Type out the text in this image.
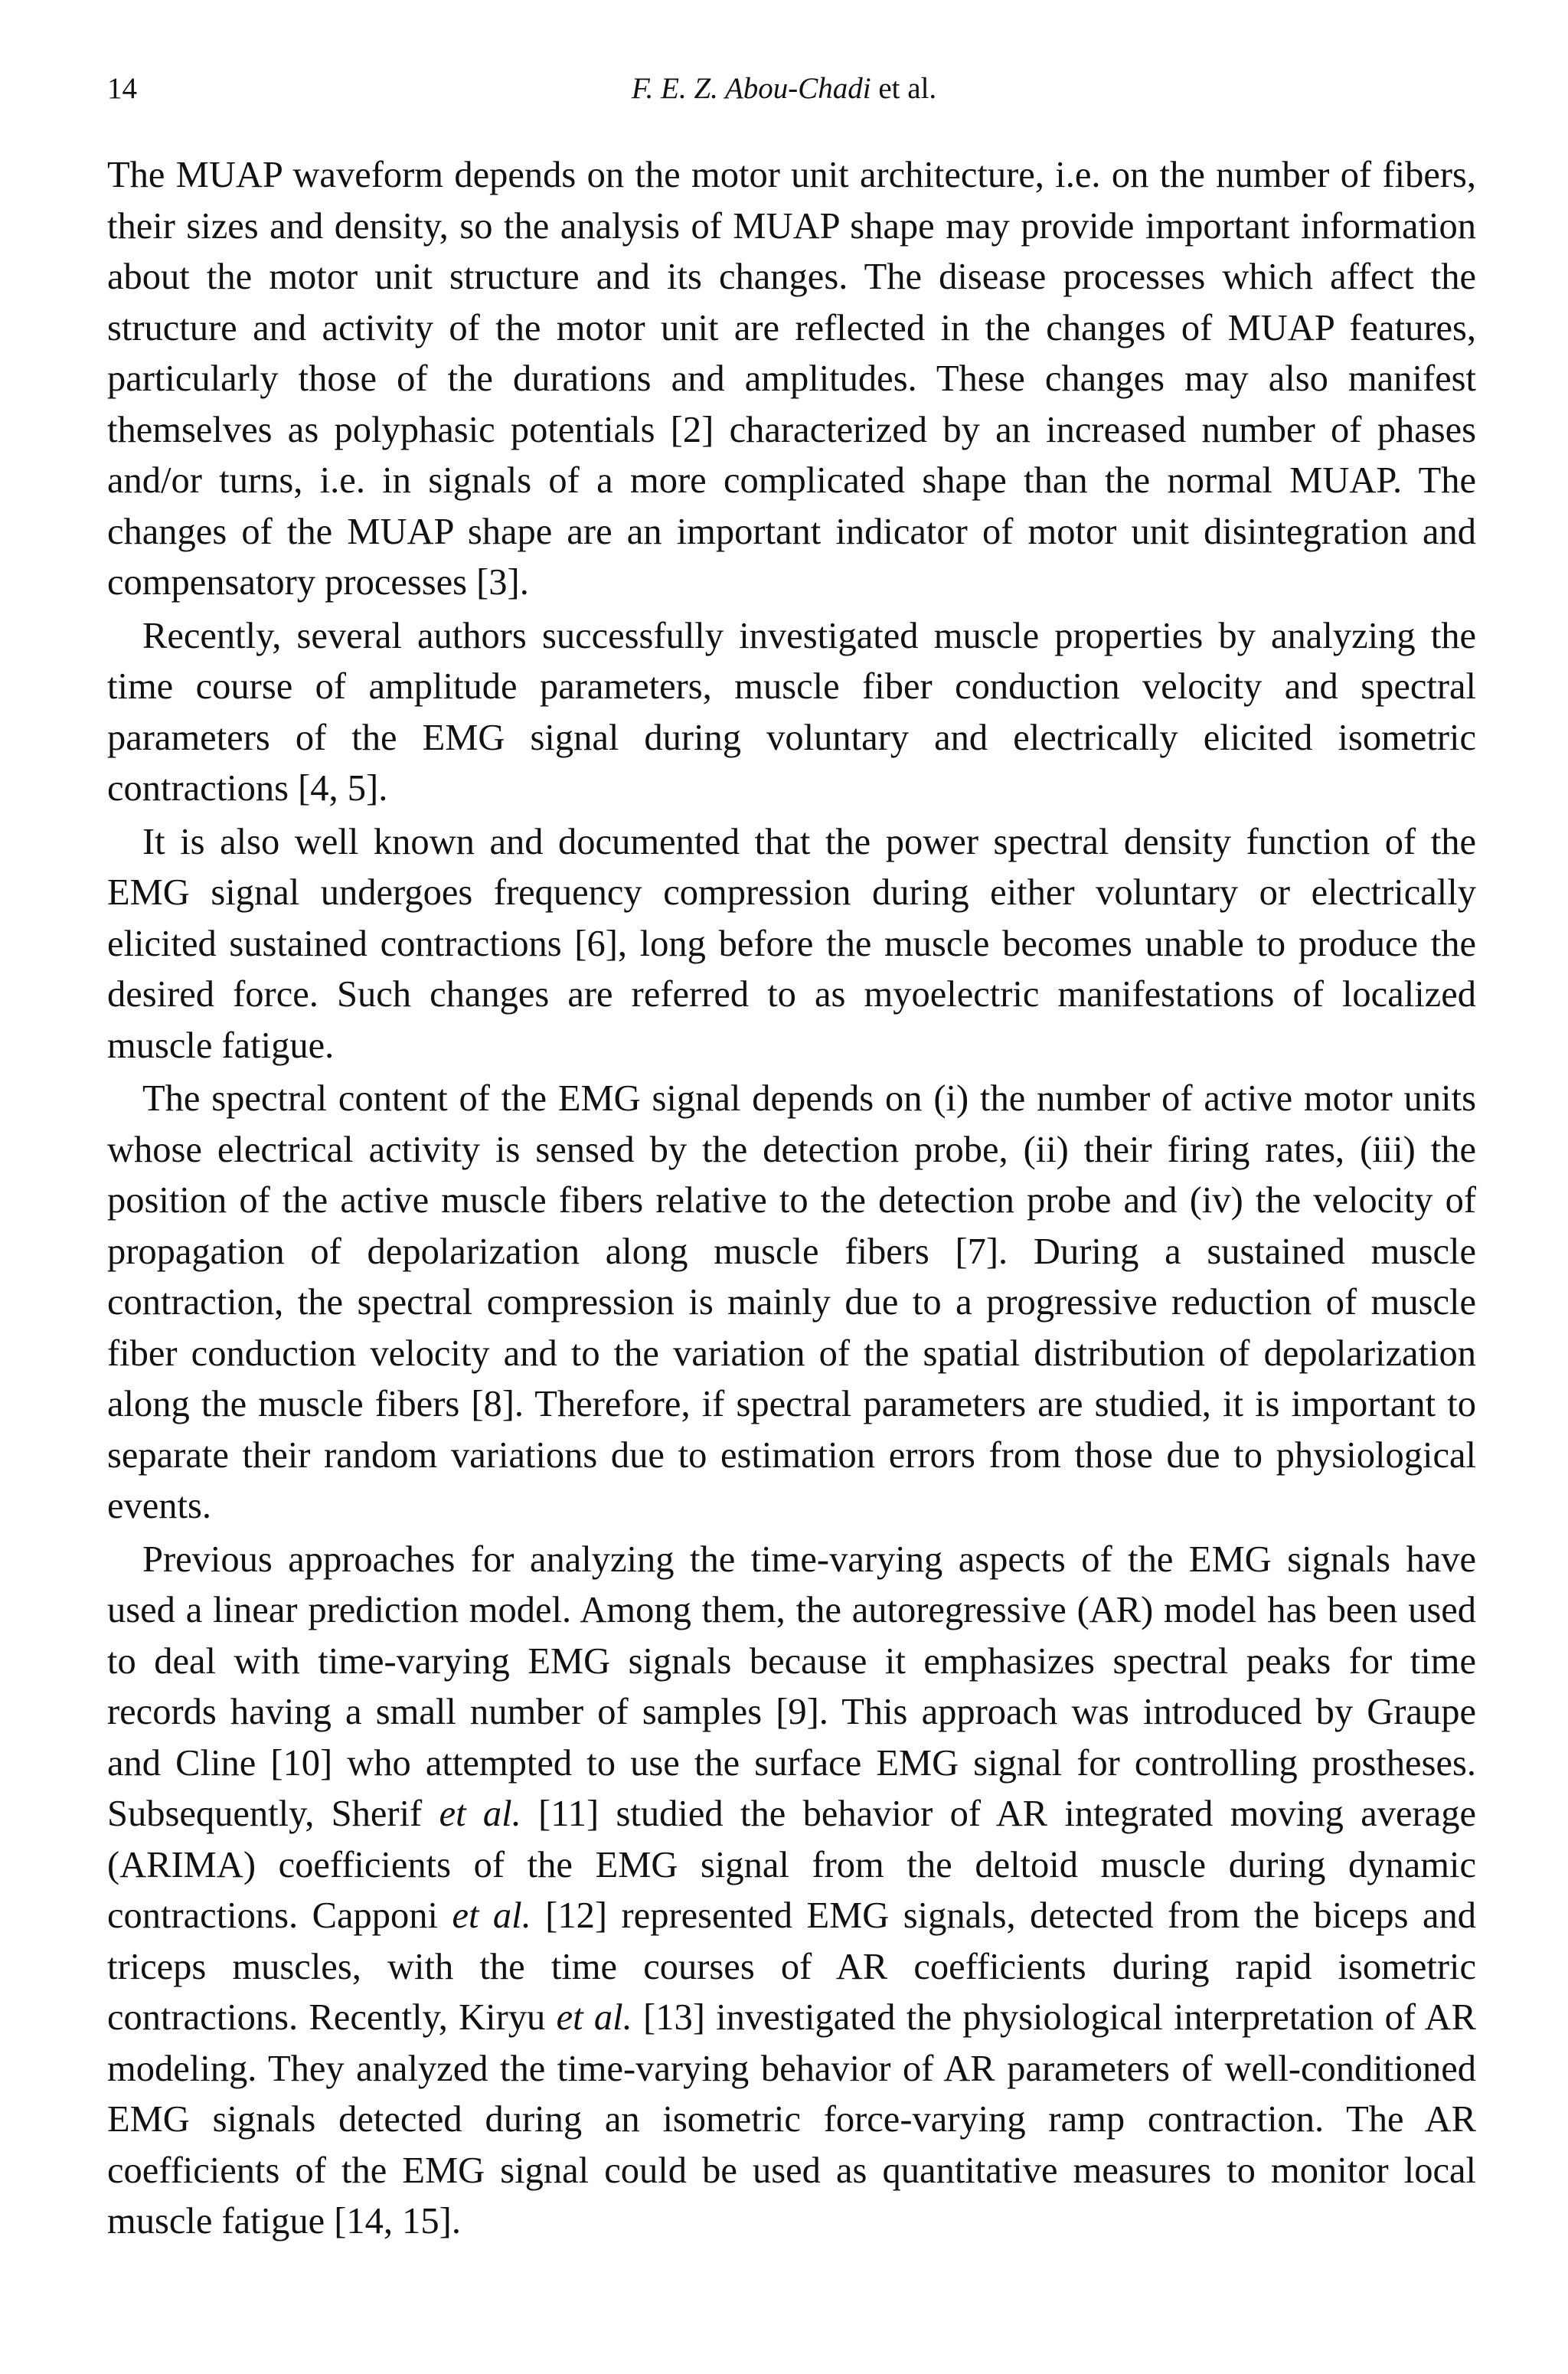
14	F. E. Z. Abou-Chadi et al.

The MUAP waveform depends on the motor unit architecture, i.e. on the number of fibers, their sizes and density, so the analysis of MUAP shape may provide important information about the motor unit structure and its changes. The disease processes which affect the structure and activity of the motor unit are reflected in the changes of MUAP features, particularly those of the durations and amplitudes. These changes may also manifest themselves as polyphasic potentials [2] characterized by an increased number of phases and/or turns, i.e. in signals of a more complicated shape than the normal MUAP. The changes of the MUAP shape are an important indicator of motor unit disintegration and compensatory processes [3].

Recently, several authors successfully investigated muscle properties by analyzing the time course of amplitude parameters, muscle fiber conduction velocity and spectral parameters of the EMG signal during voluntary and electrically elicited isometric contractions [4, 5].

It is also well known and documented that the power spectral density function of the EMG signal undergoes frequency compression during either voluntary or electrically elicited sustained contractions [6], long before the muscle becomes unable to produce the desired force. Such changes are referred to as myoelectric manifestations of localized muscle fatigue.

The spectral content of the EMG signal depends on (i) the number of active motor units whose electrical activity is sensed by the detection probe, (ii) their firing rates, (iii) the position of the active muscle fibers relative to the detection probe and (iv) the velocity of propagation of depolarization along muscle fibers [7]. During a sustained muscle contraction, the spectral compression is mainly due to a progressive reduction of muscle fiber conduction velocity and to the variation of the spatial distribution of depolarization along the muscle fibers [8]. Therefore, if spectral parameters are studied, it is important to separate their random variations due to estimation errors from those due to physiological events.

Previous approaches for analyzing the time-varying aspects of the EMG signals have used a linear prediction model. Among them, the autoregressive (AR) model has been used to deal with time-varying EMG signals because it emphasizes spectral peaks for time records having a small number of samples [9]. This approach was introduced by Graupe and Cline [10] who attempted to use the surface EMG signal for controlling prostheses. Subsequently, Sherif et al. [11] studied the behavior of AR integrated moving average (ARIMA) coefficients of the EMG signal from the deltoid muscle during dynamic contractions. Capponi et al. [12] represented EMG signals, detected from the biceps and triceps muscles, with the time courses of AR coefficients during rapid isometric contractions. Recently, Kiryu et al. [13] investigated the physiological interpretation of AR modeling. They analyzed the time-varying behavior of AR parameters of well-conditioned EMG signals detected during an isometric force-varying ramp contraction. The AR coefficients of the EMG signal could be used as quantitative measures to monitor local muscle fatigue [14, 15].
